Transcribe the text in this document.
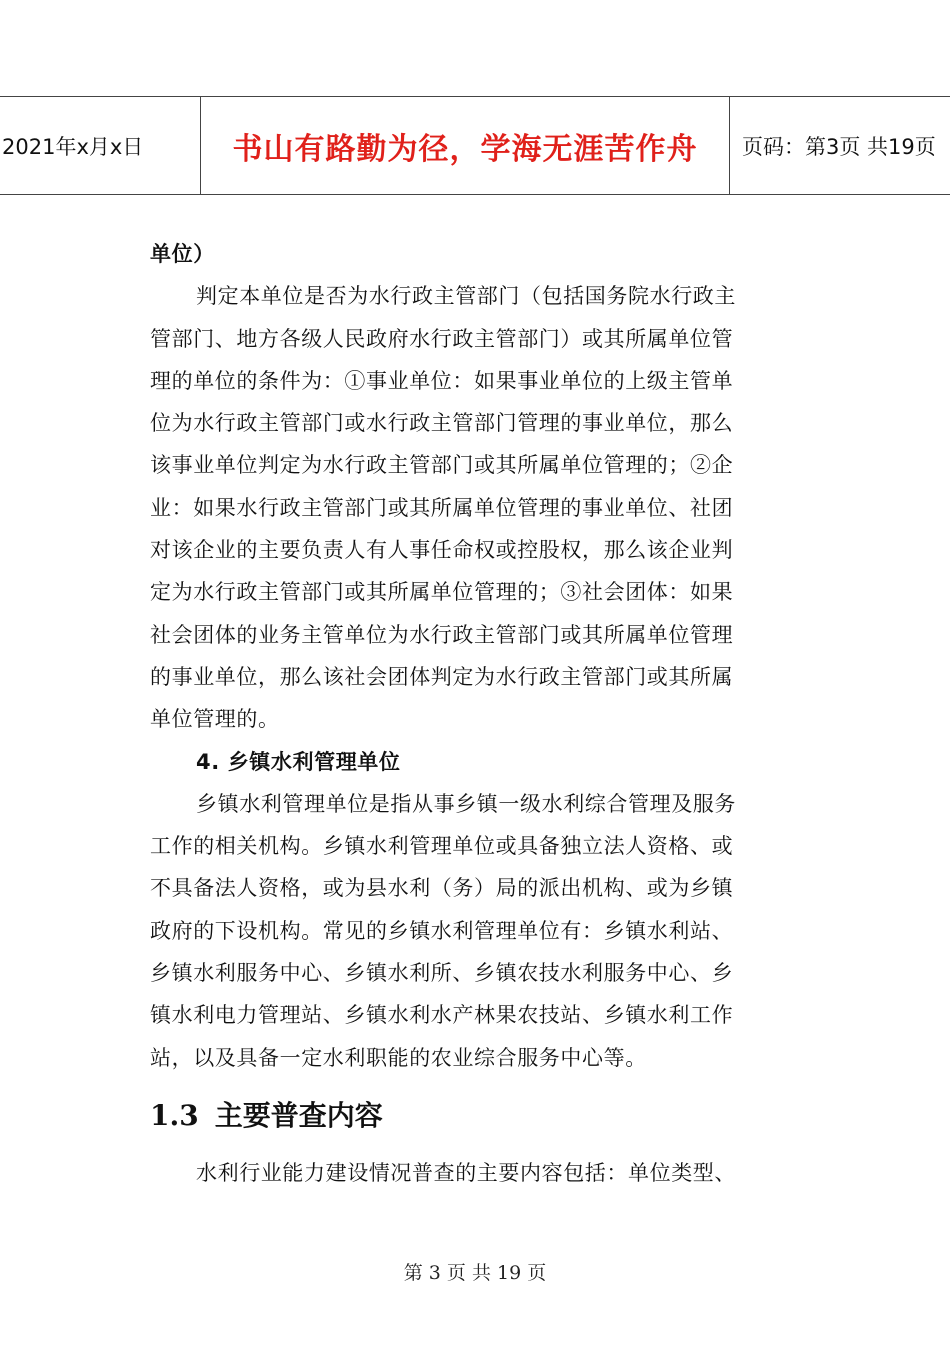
2021年x月x日	书山有路勤为径，学海无涯苦作舟	页码：第3页 共19页
单位）
判定本单位是否为水行政主管部门（包括国务院水行政主
管部门、地方各级人民政府水行政主管部门）或其所属单位管
理的单位的条件为：①事业单位：如果事业单位的上级主管单
位为水行政主管部门或水行政主管部门管理的事业单位，那么
该事业单位判定为水行政主管部门或其所属单位管理的；②企
业：如果水行政主管部门或其所属单位管理的事业单位、社团
对该企业的主要负责人有人事任命权或控股权，那么该企业判
定为水行政主管部门或其所属单位管理的；③社会团体：如果
社会团体的业务主管单位为水行政主管部门或其所属单位管理
的事业单位，那么该社会团体判定为水行政主管部门或其所属
单位管理的。
4. 乡镇水利管理单位
乡镇水利管理单位是指从事乡镇一级水利综合管理及服务
工作的相关机构。乡镇水利管理单位或具备独立法人资格、或
不具备法人资格，或为县水利（务）局的派出机构、或为乡镇
政府的下设机构。常见的乡镇水利管理单位有：乡镇水利站、
乡镇水利服务中心、乡镇水利所、乡镇农技水利服务中心、乡
镇水利电力管理站、乡镇水利水产林果农技站、乡镇水利工作
站，以及具备一定水利职能的农业综合服务中心等。
1.3 主要普查内容
水利行业能力建设情况普查的主要内容包括：单位类型、
第 3 页 共 19 页
